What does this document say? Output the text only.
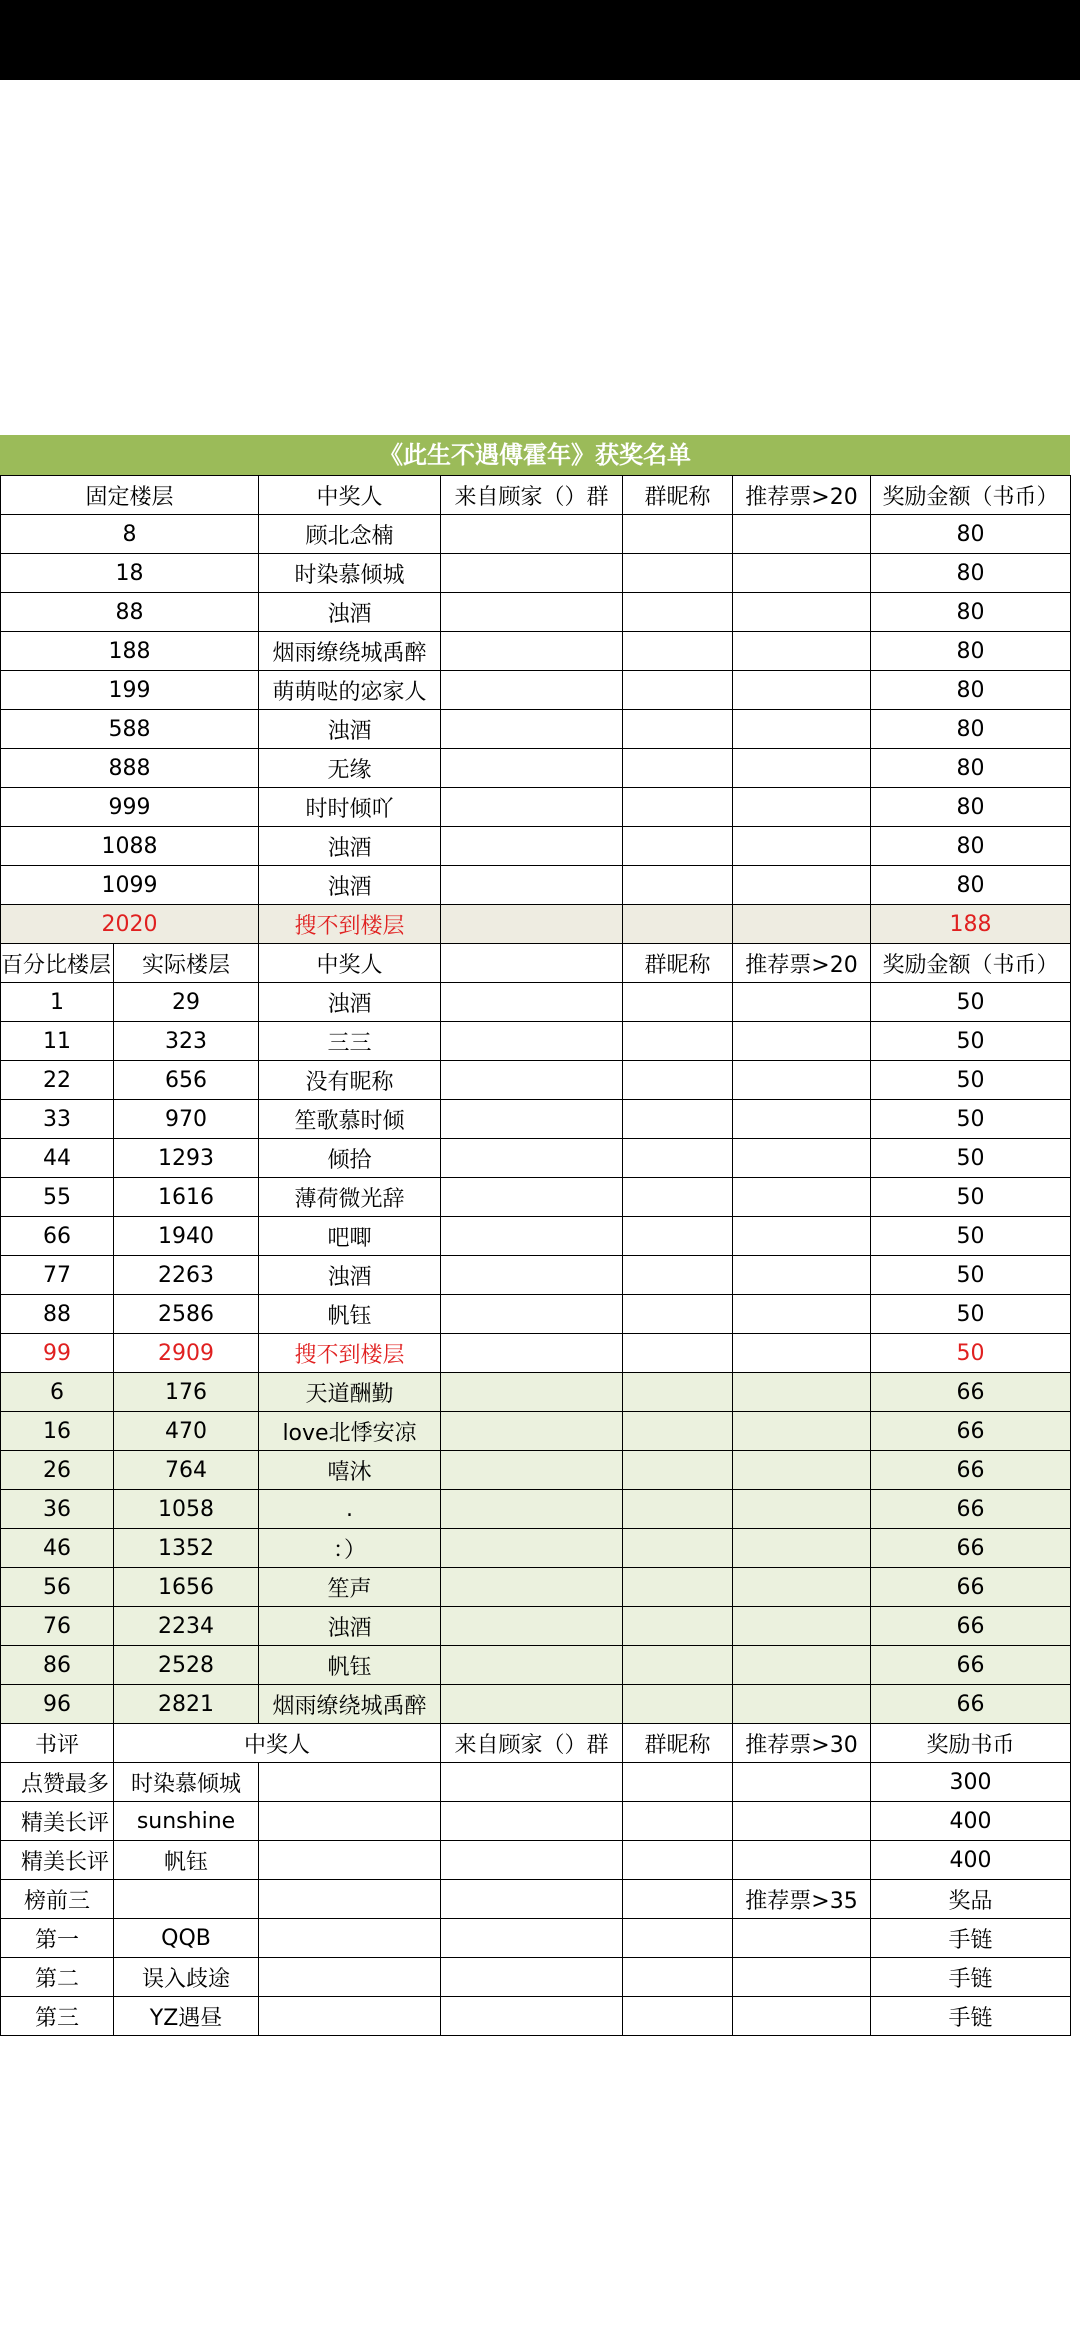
《此生不遇傅霍年》获奖名单
固定楼层		中奖人	来自顾家（）群	群昵称	推荐票>20	奖励金额（书币）
8		顾北念楠				80
18		时染慕倾城				80
88		浊酒				80
188		烟雨缭绕城禹醉				80
199		萌萌哒的宓家人				80
588		浊酒				80
888		无缘				80
999		时时倾吖				80
1088		浊酒				80
1099		浊酒				80
2020		搜不到楼层				188
百分比楼层	实际楼层	中奖人		群昵称	推荐票>20	奖励金额（书币）
1	29	浊酒				50
11	323	三三				50
22	656	没有昵称				50
33	970	笙歌慕时倾				50
44	1293	倾拾				50
55	1616	薄荷微光辞				50
66	1940	吧唧				50
77	2263	浊酒				50
88	2586	帆钰				50
99	2909	搜不到楼层				50
6	176	天道酬勤				66
16	470	love北悸安凉				66
26	764	嘻沐				66
36	1058	.				66
46	1352	：）				66
56	1656	笙声				66
76	2234	浊酒				66
86	2528	帆钰				66
96	2821	烟雨缭绕城禹醉				66
书评	中奖人		来自顾家（）群	群昵称	推荐票>30	奖励书币
点赞最多	时染慕倾城					300
精美长评	sunshine					400
精美长评	帆钰					400
榜前三					推荐票>35	奖品
第一	QQB					手链
第二	误入歧途					手链
第三	YZ遇昼					手链
